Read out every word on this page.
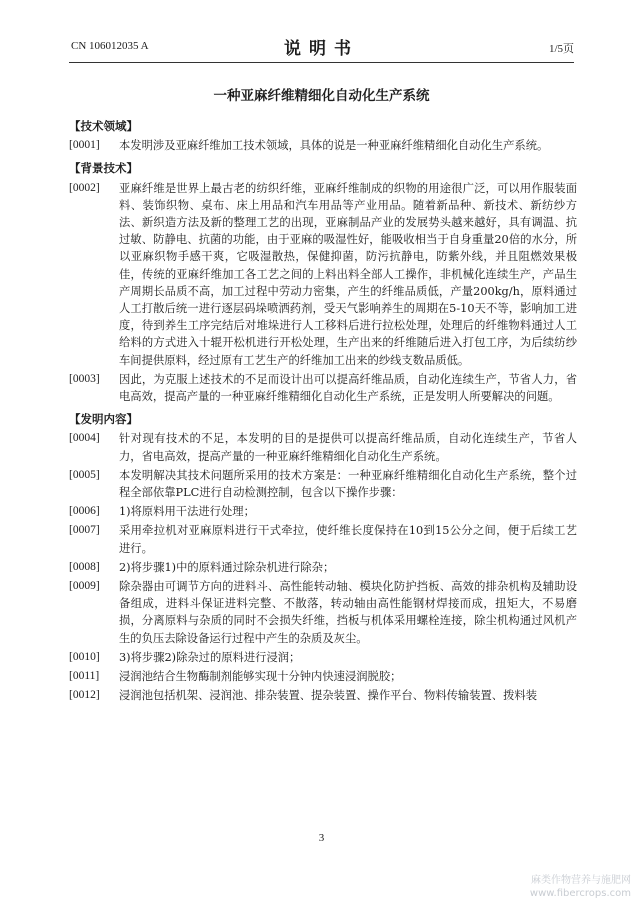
CN 106012035 A	说明书	1/5页
一种亚麻纤维精细化自动化生产系统
【技术领域】
[0001]	本发明涉及亚麻纤维加工技术领域，具体的说是一种亚麻纤维精细化自动化生产系统。
【背景技术】
[0002]	亚麻纤维是世界上最古老的纺织纤维，亚麻纤维制成的织物的用途很广泛，可以用作服装面料、装饰织物、桌布、床上用品和汽车用品等产业用品。随着新品种、新技术、新纺纱方法、新织造方法及新的整理工艺的出现，亚麻制品产业的发展势头越来越好，具有调温、抗过敏、防静电、抗菌的功能，由于亚麻的吸湿性好，能吸收相当于自身重量20倍的水分，所以亚麻织物手感干爽，它吸湿散热，保健抑菌，防污抗静电，防紫外线，并且阻燃效果极佳，传统的亚麻纤维加工各工艺之间的上料出料全部人工操作，非机械化连续生产，产品生产周期长品质不高，加工过程中劳动力密集，产生的纤维品质低，产量200kg/h，原料通过人工打散后统一进行逐层码垛喷洒药剂，受天气影响养生的周期在5-10天不等，影响加工进度，待到养生工序完结后对堆垛进行人工移料后进行拉松处理，处理后的纤维物料通过人工给料的方式进入十辊开松机进行开松处理，生产出来的纤维随后进入打包工序，为后续纺纱车间提供原料，经过原有工艺生产的纤维加工出来的纱线支数品质低。
[0003]	因此，为克服上述技术的不足而设计出可以提高纤维品质，自动化连续生产，节省人力，省电高效，提高产量的一种亚麻纤维精细化自动化生产系统，正是发明人所要解决的问题。
【发明内容】
[0004]	针对现有技术的不足，本发明的目的是提供可以提高纤维品质，自动化连续生产，节省人力，省电高效，提高产量的一种亚麻纤维精细化自动化生产系统。
[0005]	本发明解决其技术问题所采用的技术方案是：一种亚麻纤维精细化自动化生产系统，整个过程全部依靠PLC进行自动检测控制，包含以下操作步骤：
[0006]	1)将原料用干法进行处理；
[0007]	采用牵拉机对亚麻原料进行干式牵拉，使纤维长度保持在10到15公分之间，便于后续工艺进行。
[0008]	2)将步骤1)中的原料通过除杂机进行除杂；
[0009]	除杂器由可调节方向的进料斗、高性能转动轴、模块化防护挡板、高效的排杂机构及辅助设备组成，进料斗保证进料完整、不散落，转动轴由高性能钢材焊接而成，扭矩大，不易磨损，分离原料与杂质的同时不会损失纤维，挡板与机体采用螺栓连接，除尘机构通过风机产生的负压去除设备运行过程中产生的杂质及灰尘。
[0010]	3)将步骤2)除杂过的原料进行浸润；
[0011]	浸润池结合生物酶制剂能够实现十分钟内快速浸润脱胶；
[0012]	浸润池包括机架、浸润池、排杂装置、提杂装置、操作平台、物料传输装置、拨料装
3
麻类作物营养与施肥网
www.fibercrops.com
